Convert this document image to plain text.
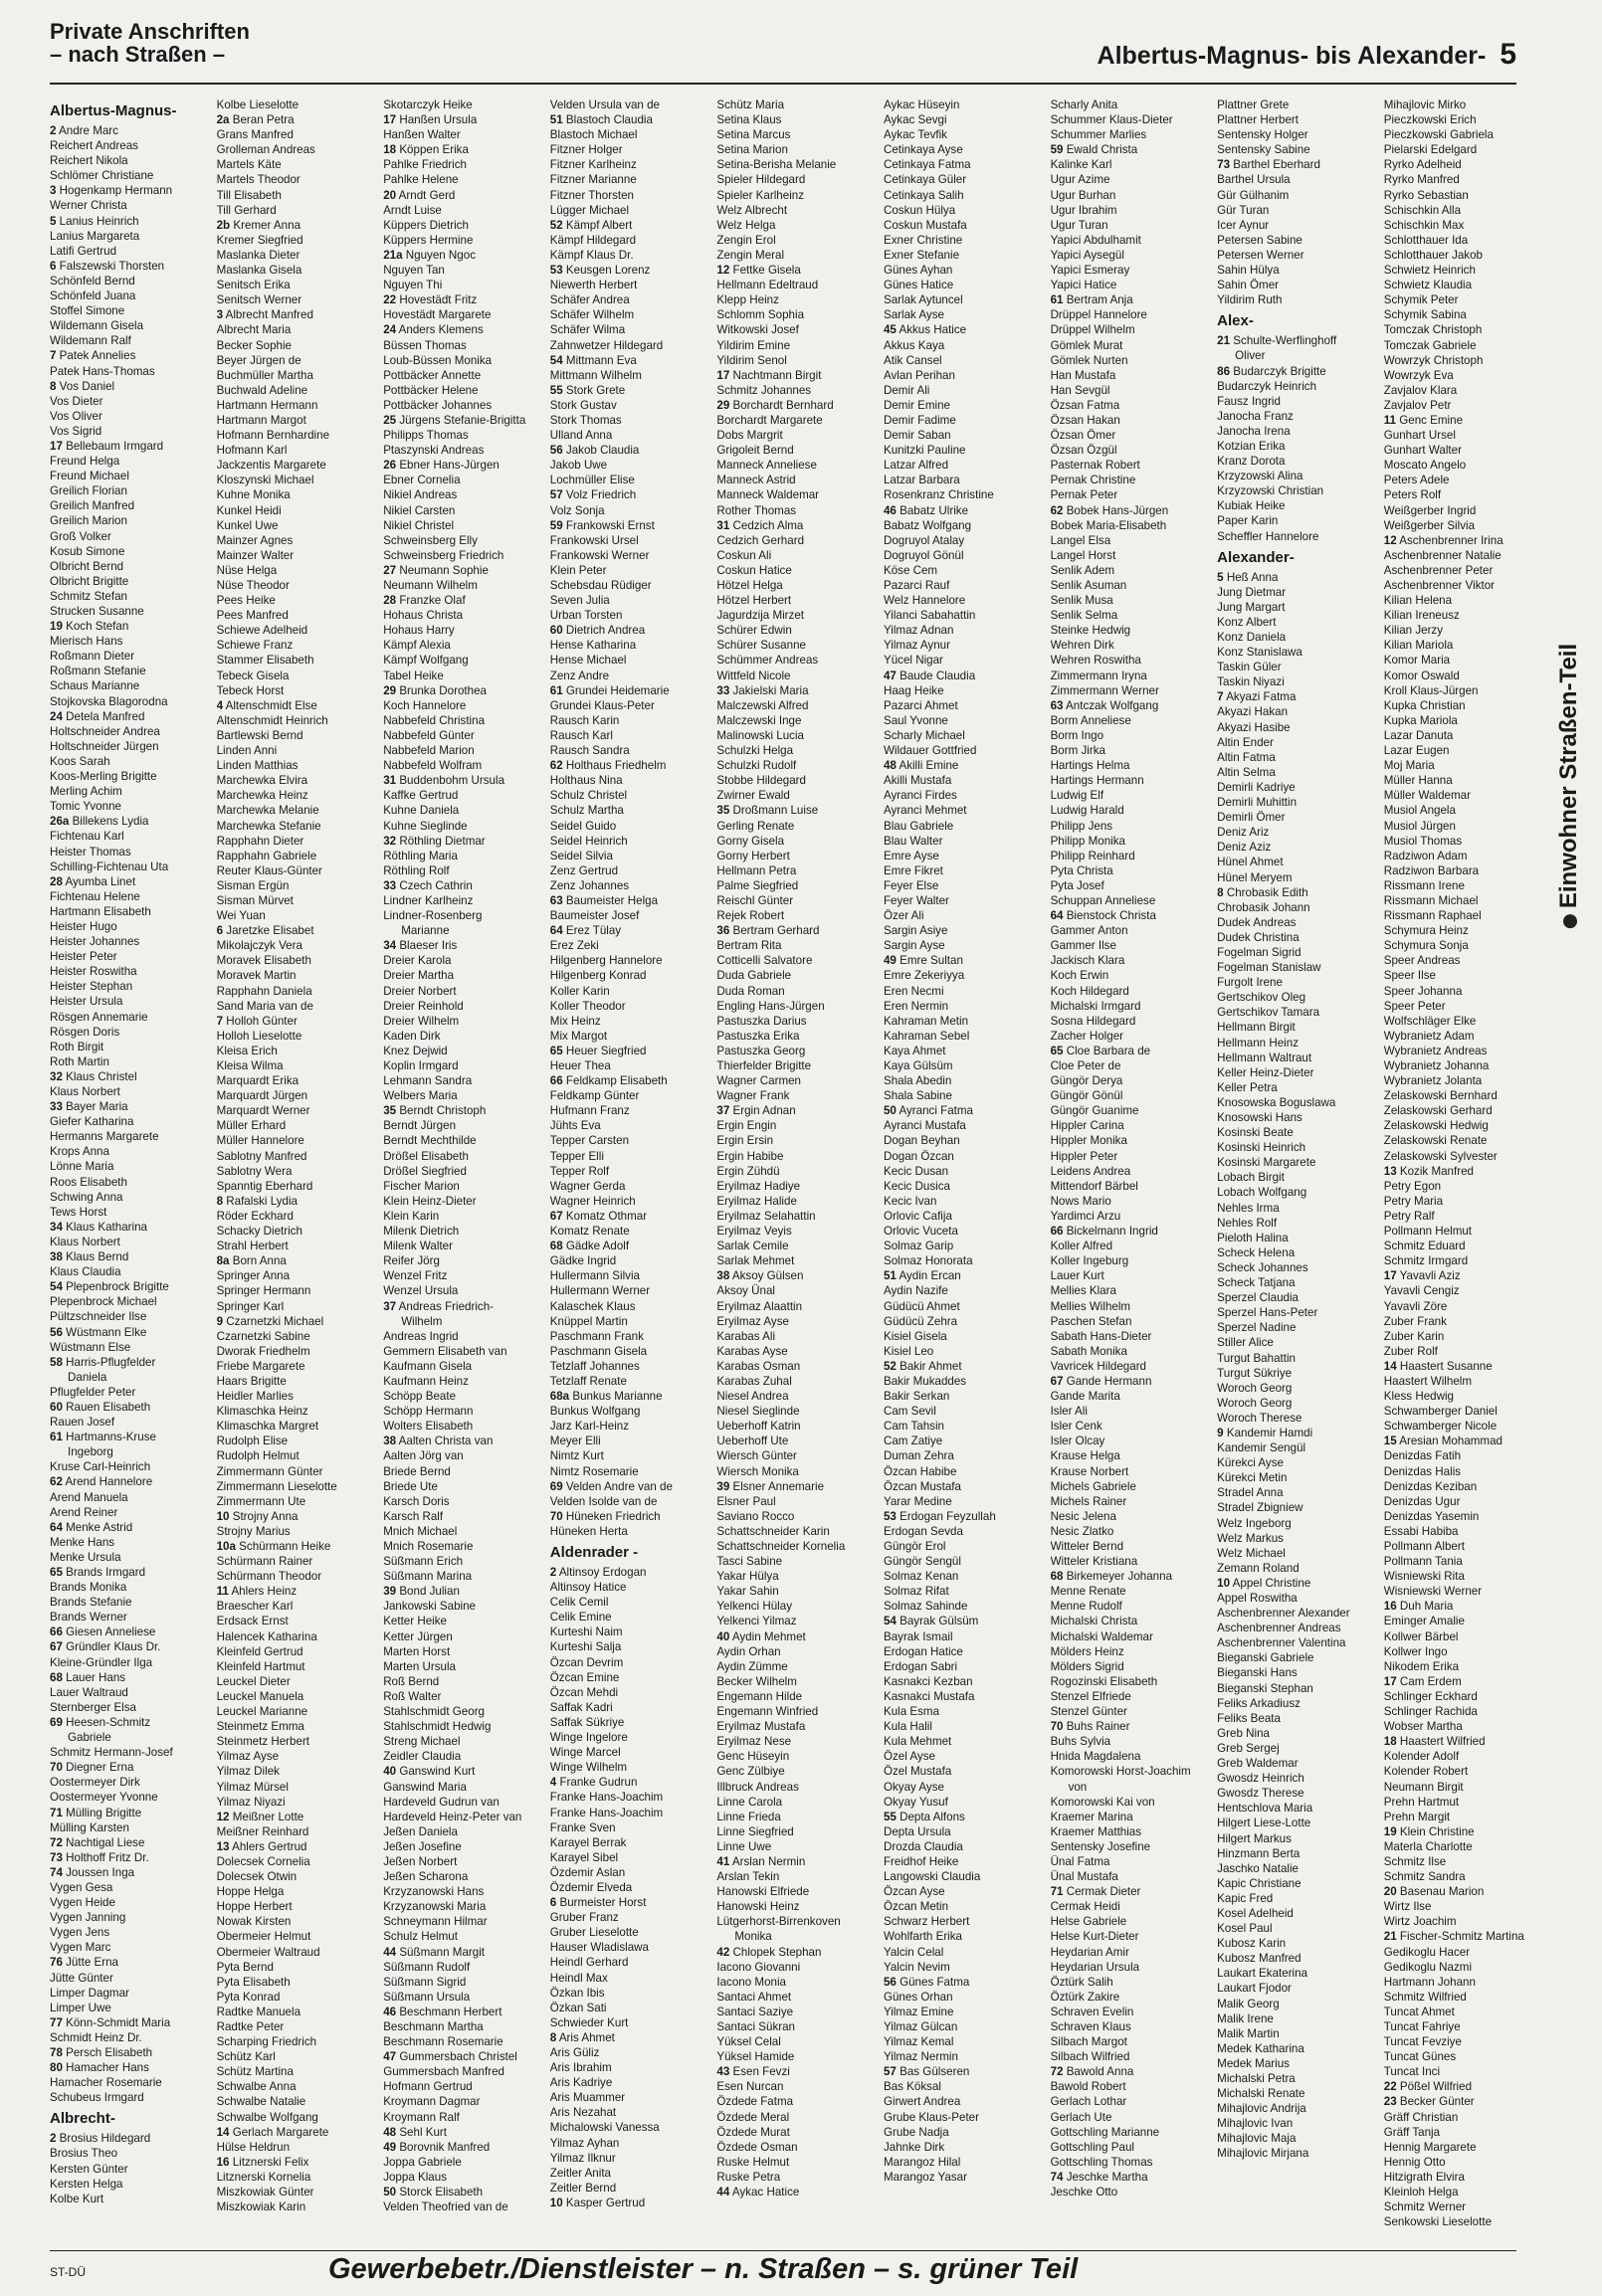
Private Anschriften
– nach Straßen –	Albertus-Magnus- bis Alexander- 5
Albertus-Magnus-
2 Andre Marc
Reichert Andreas
Reichert Nikola
Schlömer Christiane
3 Hogenkamp Hermann
Werner Christa
5 Lanius Heinrich
Lanius Margareta
Latifi Gertrud
6 Falszewski Thorsten
Schönfeld Bernd
Schönfeld Juana
Stoffel Simone
Wildemann Gisela
Wildemann Ralf
7 Patek Annelies
Patek Hans-Thomas
8 Vos Daniel
Vos Dieter
Vos Oliver
Vos Sigrid
17 Bellebaum Irmgard
Freund Helga
Freund Michael
Greilich Florian
Greilich Manfred
Greilich Marion
Groß Volker
Kosub Simone
Olbricht Bernd
Olbricht Brigitte
Schmitz Stefan
Strucken Susanne
19 Koch Stefan
Mierisch Hans
Roßmann Dieter
Roßmann Stefanie
Schaus Marianne
Stojkovska Blagorodna
24 Detela Manfred
Holtschneider Andrea
Holtschneider Jürgen
Koos Sarah
Koos-Merling Brigitte
Merling Achim
Tomic Yvonne
26a Billekens Lydia
Fichtenau Karl
Heister Thomas
Schilling-Fichtenau Uta
28 Ayumba Linet
Fichtenau Helene
Hartmann Elisabeth
Heister Hugo
Heister Johannes
Heister Peter
Heister Roswitha
Heister Stephan
Heister Ursula
Rösgen Annemarie
Rösgen Doris
Roth Birgit
Roth Martin
32 Klaus Christel
Klaus Norbert
33 Bayer Maria
Giefer Katharina
Hermanns Margarete
Krops Anna
Lönne Maria
Roos Elisabeth
Schwing Anna
Tews Horst
34 Klaus Katharina
Klaus Norbert
38 Klaus Bernd
Klaus Claudia
54 Plepenbrock Brigitte
Plepenbrock Michael
Pültzschneider Ilse
56 Wüstmann Elke
Wüstmann Else
58 Harris-Pflugfelder
Daniela
Pflugfelder Peter
60 Rauen Elisabeth
Rauen Josef
61 Hartmanns-Kruse
Ingeborg
Kruse Carl-Heinrich
62 Arend Hannelore
Arend Manuela
Arend Reiner
64 Menke Astrid
Menke Hans
Menke Ursula
65 Brands Irmgard
Brands Monika
Brands Stefanie
Brands Werner
66 Giesen Anneliese
67 Gründler Klaus Dr.
Kleine-Gründler Ilga
68 Lauer Hans
Lauer Waltraud
Sternberger Elsa
69 Heesen-Schmitz
Gabriele
Schmitz Hermann-Josef
70 Diegner Erna
Oostermeyer Dirk
Oostermeyer Yvonne
71 Mülling Brigitte
Mülling Karsten
72 Nachtigal Liese
73 Holthoff Fritz Dr.
74 Joussen Inga
Vygen Gesa
Vygen Heide
Vygen Janning
Vygen Jens
Vygen Marc
76 Jütte Erna
Jütte Günter
Limper Dagmar
Limper Uwe
77 Könn-Schmidt Maria
Schmidt Heinz Dr.
78 Persch Elisabeth
80 Hamacher Hans
Hamacher Rosemarie
Schubeus Irmgard
Albrecht-
2 Brosius Hildegard
Brosius Theo
Kersten Günter
Kersten Helga
Kolbe Kurt
Kolbe Lieselotte
2a Beran Petra
Grans Manfred
Grolleman Andreas
Martels Käte
Martels Theodor
Till Elisabeth
Till Gerhard
2b Kremer Anna
Kremer Siegfried
Maslanka Dieter
Maslanka Gisela
Senitsch Erika
Senitsch Werner
3 Albrecht Manfred
Albrecht Maria
Becker Sophie
Beyer Jürgen de
Buchmüller Martha
Buchwald Adeline
Hartmann Hermann
Hartmann Margot
Hofmann Bernhardine
Hofmann Karl
Jackzentis Margarete
Kloszynski Michael
Kuhne Monika
Kunkel Heidi
Kunkel Uwe
Mainzer Agnes
Mainzer Walter
Nüse Helga
Nüse Theodor
Pees Heike
Pees Manfred
Schiewe Adelheid
Schiewe Franz
Stammer Elisabeth
Tebeck Gisela
Tebeck Horst
4 Altenschmidt Else
Altenschmidt Heinrich
Bartlewski Bernd
Linden Anni
Linden Matthias
Marchewka Elvira
Marchewka Heinz
Marchewka Melanie
Marchewka Stefanie
Rapphahn Dieter
Rapphahn Gabriele
Reuter Klaus-Günter
Sisman Ergün
Sisman Mürvet
Wei Yuan
6 Jaretzke Elisabet
Mikolajczyk Vera
Moravek Elisabeth
Moravek Martin
Rapphahn Daniela
Sand Maria van de
7 Holloh Günter
Holloh Lieselotte
Kleisa Erich
Kleisa Wilma
Marquardt Erika
Marquardt Jürgen
Marquardt Werner
Müller Erhard
Müller Hannelore
Sablotny Manfred
Sablotny Wera
Spanntig Eberhard
8 Rafalski Lydia
Röder Eckhard
Schacky Dietrich
Strahl Herbert
8a Born Anna
Springer Anna
Springer Hermann
Springer Karl
9 Czarnetzki Michael
Czarnetzki Sabine
Dworak Friedhelm
Friebe Margarete
Haars Brigitte
Heidler Marlies
Klimaschka Heinz
Klimaschka Margret
Rudolph Elise
Rudolph Helmut
Zimmermann Günter
Zimmermann Lieselotte
Zimmermann Ute
10 Strojny Anna
Strojny Marius
10a Schürmann Heike
Schürmann Rainer
Schürmann Theodor
11 Ahlers Heinz
Braescher Karl
Erdsack Ernst
Halencek Katharina
Kleinfeld Gertrud
Kleinfeld Hartmut
Leuckel Dieter
Leuckel Manuela
Leuckel Marianne
Steinmetz Emma
Steinmetz Herbert
Yilmaz Ayse
Yilmaz Dilek
Yilmaz Mürsel
Yilmaz Niyazi
12 Meißner Lotte
Meißner Reinhard
13 Ahlers Gertrud
Dolecsek Cornelia
Dolecsek Otwin
Hoppe Helga
Hoppe Herbert
Nowak Kirsten
Obermeier Helmut
Obermeier Waltraud
Pyta Bernd
Pyta Elisabeth
Pyta Konrad
Radtke Manuela
Radtke Peter
Scharping Friedrich
Schütz Karl
Schütz Martina
Schwalbe Anna
Schwalbe Natalie
Schwalbe Wolfgang
14 Gerlach Margarete
Hülse Heldrun
16 Litznerski Felix
Litznerski Kornelia
Miszkowiak Günter
Miszkowiak Karin
Skotarczyk Heike
17 Hanßen Ursula
Hanßen Walter
18 Köppen Erika
Pahlke Friedrich
Pahlke Helene
20 Arndt Gerd
Arndt Luise
Küppers Dietrich
Küppers Hermine
21a Nguyen Ngoc
Nguyen Tan
Nguyen Thi
22 Hovestädt Fritz
Hovestädt Margarete
24 Anders Klemens
Büssen Thomas
Loub-Büssen Monika
Pottbäcker Annette
Pottbäcker Helene
Pottbäcker Johannes
25 Jürgens Stefanie-Brigitta
Philipps Thomas
Ptaszynski Andreas
26 Ebner Hans-Jürgen
Ebner Cornelia
Nikiel Andreas
Nikiel Carsten
Nikiel Christel
Schweinsberg Elly
Schweinsberg Friedrich
27 Neumann Sophie
Neumann Wilhelm
28 Franzke Olaf
Hohaus Christa
Hohaus Harry
Kämpf Alexia
Kämpf Wolfgang
Tabel Heike
29 Brunka Dorothea
Koch Hannelore
Nabbefeld Christina
Nabbefeld Günter
Nabbefeld Marion
Nabbefeld Wolfram
31 Buddenbohm Ursula
Kaffke Gertrud
Kuhne Daniela
Kuhne Sieglinde
32 Röthling Dietmar
Röthling Maria
Röthling Rolf
33 Czech Cathrin
Lindner Karlheinz
Lindner-Rosenberg
Marianne
34 Blaeser Iris
Dreier Karola
Dreier Martha
Dreier Norbert
Dreier Reinhold
Dreier Wilhelm
Kaden Dirk
Knez Dejwid
Koplin Irmgard
Lehmann Sandra
Welbers Maria
35 Berndt Christoph
Berndt Jürgen
Berndt Mechthilde
Drößel Elisabeth
Drößel Siegfried
Fischer Marion
Klein Heinz-Dieter
Klein Karin
Milenk Dietrich
Milenk Walter
Reifer Jörg
Wenzel Fritz
Wenzel Ursula
37 Andreas Friedrich-
Wilhelm
Andreas Ingrid
Gemmern Elisabeth van
Kaufmann Gisela
Kaufmann Heinz
Schöpp Beate
Schöpp Hermann
Wolters Elisabeth
38 Aalten Christa van
Aalten Jörg van
Briede Bernd
Briede Ute
Karsch Doris
Karsch Ralf
Mnich Michael
Mnich Rosemarie
Süßmann Erich
Süßmann Marina
39 Bond Julian
Jankowski Sabine
Ketter Heike
Ketter Jürgen
Marten Horst
Marten Ursula
Roß Bernd
Roß Walter
Stahlschmidt Georg
Stahlschmidt Hedwig
Streng Michael
Zeidler Claudia
40 Ganswind Kurt
Ganswind Maria
Hardeveld Gudrun van
Hardeveld Heinz-Peter van
Jeßen Daniela
Jeßen Josefine
Jeßen Norbert
Jeßen Scharona
Krzyzanowski Hans
Krzyzanowski Maria
Schneymann Hilmar
Schulz Helmut
44 Süßmann Margit
Süßmann Rudolf
Süßmann Sigrid
Süßmann Ursula
46 Beschmann Herbert
Beschmann Martha
Beschmann Rosemarie
47 Gummersbach Christel
Gummersbach Manfred
Hofmann Gertrud
Kroymann Dagmar
Kroymann Ralf
48 Sehl Kurt
49 Borovnik Manfred
Joppa Gabriele
Joppa Klaus
50 Storck Elisabeth
Velden Theofried van de
Velden Ursula van de
51 Blastoch Claudia
Blastoch Michael
Fitzner Holger
Fitzner Karlheinz
Fitzner Marianne
Fitzner Thorsten
Lügger Michael
52 Kämpf Albert
Kämpf Hildegard
Kämpf Klaus Dr.
53 Keusgen Lorenz
Niewerth Herbert
Schäfer Andrea
Schäfer Wilhelm
Schäfer Wilma
Zahnwetzer Hildegard
54 Mittmann Eva
Mittmann Wilhelm
55 Stork Grete
Stork Gustav
Stork Thomas
Ulland Anna
56 Jakob Claudia
Jakob Uwe
Lochmüller Elise
57 Volz Friedrich
Volz Sonja
59 Frankowski Ernst
Frankowski Ursel
Frankowski Werner
Klein Peter
Schebsdau Rüdiger
Seven Julia
Urban Torsten
60 Dietrich Andrea
Hense Katharina
Hense Michael
Zenz Andre
61 Grundei Heidemarie
Grundei Klaus-Peter
Rausch Karin
Rausch Karl
Rausch Sandra
62 Holthaus Friedhelm
Holthaus Nina
Schulz Christel
Schulz Martha
Seidel Guido
Seidel Heinrich
Seidel Silvia
Zenz Gertrud
Zenz Johannes
63 Baumeister Helga
Baumeister Josef
64 Erez Tülay
Erez Zeki
Hilgenberg Hannelore
Hilgenberg Konrad
Koller Karin
Koller Theodor
Mix Heinz
Mix Margot
65 Heuer Siegfried
Heuer Thea
66 Feldkamp Elisabeth
Feldkamp Günter
Hufmann Franz
Jühts Eva
Tepper Carsten
Tepper Elli
Tepper Rolf
Wagner Gerda
Wagner Heinrich
67 Komatz Othmar
Komatz Renate
68 Gädke Adolf
Gädke Ingrid
Hullermann Silvia
Hullermann Werner
Kalaschek Klaus
Knüppel Martin
Paschmann Frank
Paschmann Gisela
Tetzlaff Johannes
Tetzlaff Renate
68a Bunkus Marianne
Bunkus Wolfgang
Jarz Karl-Heinz
Meyer Elli
Nimtz Kurt
Nimtz Rosemarie
69 Velden Andre van de
Velden Isolde van de
70 Hüneken Friedrich
Hüneken Herta
Aldenrader -
2 Altinsoy Erdogan
Altinsoy Hatice
Celik Cemil
Celik Emine
Kurteshi Naim
Kurteshi Salja
Özcan Devrim
Özcan Emine
Özcan Mehdi
Saffak Kadri
Saffak Sükriye
Winge Ingelore
Winge Marcel
Winge Wilhelm
4 Franke Gudrun
Franke Hans-Joachim
Franke Hans-Joachim
Franke Sven
Karayel Berrak
Karayel Sibel
Özdemir Aslan
Özdemir Elveda
6 Burmeister Horst
Gruber Franz
Gruber Lieselotte
Hauser Wladislawa
Heindl Gerhard
Heindl Max
Özkan Ibis
Özkan Sati
Schwieder Kurt
8 Aris Ahmet
Aris Güliz
Aris Ibrahim
Aris Kadriye
Aris Muammer
Aris Nezahat
Michalowski Vanessa
Yilmaz Ayhan
Yilmaz Ilknur
Zeitler Anita
Zeitler Bernd
10 Kasper Gertrud
Schütz Maria
Setina Klaus
Setina Marcus
Setina Marion
Setina-Berisha Melanie
Spieler Hildegard
Spieler Karlheinz
Welz Albrecht
Welz Helga
Zengin Erol
Zengin Meral
12 Fettke Gisela
Hellmann Edeltraud
Klepp Heinz
Schlomm Sophia
Witkowski Josef
Yildirim Emine
Yildirim Senol
17 Nachtmann Birgit
Schmitz Johannes
29 Borchardt Bernhard
Borchardt Margarete
Dobs Margrit
Grigoleit Bernd
Manneck Anneliese
Manneck Astrid
Manneck Waldemar
Rother Thomas
31 Cedzich Alma
Cedzich Gerhard
Coskun Ali
Coskun Hatice
Hötzel Helga
Hötzel Herbert
Jagurdzija Mirzet
Schürer Edwin
Schürer Susanne
Schümmer Andreas
Wittfeld Nicole
33 Jakielski Maria
Malczewski Alfred
Malczewski Inge
Malinowski Lucia
Schulzki Helga
Schulzki Rudolf
Stobbe Hildegard
Zwirner Ewald
35 Droßmann Luise
Gerling Renate
Gorny Gisela
Gorny Herbert
Hellmann Petra
Palme Siegfried
Reischl Günter
Rejek Robert
36 Bertram Gerhard
Bertram Rita
Cotticelli Salvatore
Duda Gabriele
Duda Roman
Engling Hans-Jürgen
Pastuszka Darius
Pastuszka Erika
Pastuszka Georg
Thierfelder Brigitte
Wagner Carmen
Wagner Frank
37 Ergin Adnan
Ergin Engin
Ergin Ersin
Ergin Habibe
Ergin Zühdü
Eryilmaz Hadiye
Eryilmaz Halide
Eryilmaz Selahattin
Eryilmaz Veyis
Sarlak Cemile
Sarlak Mehmet
38 Aksoy Gülsen
Aksoy Ünal
Eryilmaz Alaattin
Eryilmaz Ayse
Karabas Ali
Karabas Ayse
Karabas Osman
Karabas Zuhal
Niesel Andrea
Niesel Sieglinde
Ueberhoff Katrin
Ueberhoff Ute
Wiersch Günter
Wiersch Monika
39 Elsner Annemarie
Elsner Paul
Saviano Rocco
Schattschneider Karin
Schattschneider Kornelia
Tasci Sabine
Yakar Hülya
Yakar Sahin
Yelkenci Hülay
Yelkenci Yilmaz
40 Aydin Mehmet
Aydin Orhan
Aydin Zümme
Becker Wilhelm
Engemann Hilde
Engemann Winfried
Eryilmaz Mustafa
Eryilmaz Nese
Genc Hüseyin
Genc Zülbiye
Illbruck Andreas
Linne Carola
Linne Frieda
Linne Siegfried
Linne Uwe
41 Arslan Nermin
Arslan Tekin
Hanowski Elfriede
Hanowski Heinz
Lütgerhorst-Birrenkoven
Monika
42 Chlopek Stephan
Iacono Giovanni
Iacono Monia
Santaci Ahmet
Santaci Saziye
Santaci Sükran
Yüksel Celal
Yüksel Hamide
43 Esen Fevzi
Esen Nurcan
Özdede Fatma
Özdede Meral
Özdede Murat
Özdede Osman
Ruske Helmut
Ruske Petra
44 Aykac Hatice
Aykac Hüseyin
Aykac Sevgi
Aykac Tevfik
Cetinkaya Ayse
Cetinkaya Fatma
Cetinkaya Güler
Cetinkaya Salih
Coskun Hülya
Coskun Mustafa
Exner Christine
Exner Stefanie
Günes Ayhan
Günes Hatice
Sarlak Aytuncel
Sarlak Ayse
45 Akkus Hatice
Akkus Kaya
Atik Cansel
Avlan Perihan
Demir Ali
Demir Emine
Demir Fadime
Demir Saban
Kunitzki Pauline
Latzar Alfred
Latzar Barbara
Rosenkranz Christine
46 Babatz Ulrike
Babatz Wolfgang
Dogruyol Atalay
Dogruyol Gönül
Köse Cem
Pazarci Rauf
Welz Hannelore
Yilanci Sabahattin
Yilmaz Adnan
Yilmaz Aynur
Yücel Nigar
47 Baude Claudia
Haag Heike
Pazarci Ahmet
Saul Yvonne
Scharly Michael
Wildauer Gottfried
48 Akilli Emine
Akilli Mustafa
Ayranci Firdes
Ayranci Mehmet
Blau Gabriele
Blau Walter
Emre Ayse
Emre Fikret
Feyer Else
Feyer Walter
Özer Ali
Sargin Asiye
Sargin Ayse
49 Emre Sultan
Emre Zekeriyya
Eren Necmi
Eren Nermin
Kahraman Metin
Kahraman Sebel
Kaya Ahmet
Kaya Gülsüm
Shala Abedin
Shala Sabine
50 Ayranci Fatma
Ayranci Mustafa
Dogan Beyhan
Dogan Özcan
Kecic Dusan
Kecic Dusica
Kecic Ivan
Orlovic Cafija
Orlovic Vuceta
Solmaz Garip
Solmaz Honorata
51 Aydin Ercan
Aydin Nazife
Güdücü Ahmet
Güdücü Zehra
Kisiel Gisela
Kisiel Leo
52 Bakir Ahmet
Bakir Mukaddes
Bakir Serkan
Cam Sevil
Cam Tahsin
Cam Zatiye
Duman Zehra
Özcan Habibe
Özcan Mustafa
Yarar Medine
53 Erdogan Feyzullah
Erdogan Sevda
Güngör Erol
Güngör Sengül
Solmaz Kenan
Solmaz Rifat
Solmaz Sahinde
54 Bayrak Gülsüm
Bayrak Ismail
Erdogan Hatice
Erdogan Sabri
Kasnakci Kezban
Kasnakci Mustafa
Kula Esma
Kula Halil
Kula Mehmet
Özel Ayse
Özel Mustafa
Okyay Ayse
Okyay Yusuf
55 Depta Alfons
Depta Ursula
Drozda Claudia
Freidhof Heike
Langowski Claudia
Özcan Ayse
Özcan Metin
Schwarz Herbert
Wohlfarth Erika
Yalcin Celal
Yalcin Nevim
56 Günes Fatma
Günes Orhan
Yilmaz Emine
Yilmaz Gülcan
Yilmaz Kemal
Yilmaz Nermin
57 Bas Gülseren
Bas Köksal
Girwert Andrea
Grube Klaus-Peter
Grube Nadja
Jahnke Dirk
Marangoz Hilal
Marangoz Yasar
Scharly Anita
Schummer Klaus-Dieter
Schummer Marlies
59 Ewald Christa
Kalinke Karl
Ugur Azime
Ugur Burhan
Ugur Ibrahim
Ugur Turan
Yapici Abdulhamit
Yapici Aysegül
Yapici Esmeray
Yapici Hatice
61 Bertram Anja
Drüppel Hannelore
Drüppel Wilhelm
Gömlek Murat
Gömlek Nurten
Han Mustafa
Han Sevgül
Özsan Fatma
Özsan Hakan
Özsan Ömer
Özsan Özgül
Pasternak Robert
Pernak Christine
Pernak Peter
62 Bobek Hans-Jürgen
Bobek Maria-Elisabeth
Langel Elsa
Langel Horst
Senlik Adem
Senlik Asuman
Senlik Musa
Senlik Selma
Steinke Hedwig
Wehren Dirk
Wehren Roswitha
Zimmermann Iryna
Zimmermann Werner
63 Antczak Wolfgang
Borm Anneliese
Borm Ingo
Borm Jirka
Hartings Helma
Hartings Hermann
Ludwig Elf
Ludwig Harald
Philipp Jens
Philipp Monika
Philipp Reinhard
Pyta Christa
Pyta Josef
Schuppan Anneliese
64 Bienstock Christa
Gammer Anton
Gammer Ilse
Jackisch Klara
Koch Erwin
Koch Hildegard
Michalski Irmgard
Sosna Hildegard
Zacher Holger
65 Cloe Barbara de
Cloe Peter de
Güngör Derya
Güngör Gönül
Güngör Guanime
Hippler Carina
Hippler Monika
Hippler Peter
Leidens Andrea
Mittendorf Bärbel
Nows Mario
Yardimci Arzu
66 Bickelmann Ingrid
Koller Alfred
Koller Ingeburg
Lauer Kurt
Mellies Klara
Mellies Wilhelm
Paschen Stefan
Sabath Hans-Dieter
Sabath Monika
Vavricek Hildegard
67 Gande Hermann
Gande Marita
Isler Ali
Isler Cenk
Isler Olcay
Krause Helga
Krause Norbert
Michels Gabriele
Michels Rainer
Nesic Jelena
Nesic Zlatko
Witteler Bernd
Witteler Kristiana
68 Birkemeyer Johanna
Menne Renate
Menne Rudolf
Michalski Christa
Michalski Waldemar
Mölders Heinz
Mölders Sigrid
Rogozinski Elisabeth
Stenzel Elfriede
Stenzel Günter
70 Buhs Rainer
Buhs Sylvia
Hnida Magdalena
Komorowski Horst-Joachim
von
Komorowski Kai von
Kraemer Marina
Kraemer Matthias
Sentensky Josefine
Ünal Fatma
Ünal Mustafa
71 Cermak Dieter
Cermak Heidi
Helse Gabriele
Helse Kurt-Dieter
Heydarian Amir
Heydarian Ursula
Öztürk Salih
Öztürk Zakire
Schraven Evelin
Schraven Klaus
Silbach Margot
Silbach Wilfried
72 Bawold Anna
Bawold Robert
Gerlach Lothar
Gerlach Ute
Gottschling Marianne
Gottschling Paul
Gottschling Thomas
74 Jeschke Martha
Jeschke Otto
Plattner Grete
Plattner Herbert
Sentensky Holger
Sentensky Sabine
73 Barthel Eberhard
Barthel Ursula
Gür Gülhanim
Gür Turan
Icer Aynur
Petersen Sabine
Petersen Werner
Sahin Hülya
Sahin Ömer
Yildirim Ruth
Alex-
21 Schulte-Werflinghoff
Oliver
86 Budarczyk Brigitte
Budarczyk Heinrich
Fausz Ingrid
Janocha Franz
Janocha Irena
Kotzian Erika
Kranz Dorota
Krzyzowski Alina
Krzyzowski Christian
Kubiak Heike
Paper Karin
Scheffler Hannelore
Alexander-
5 Heß Anna
Jung Dietmar
Jung Margart
Konz Albert
Konz Daniela
Konz Stanislawa
Taskin Güler
Taskin Niyazi
7 Akyazi Fatma
Akyazi Hakan
Akyazi Hasibe
Altin Ender
Altin Fatma
Altin Selma
Demirli Kadriye
Demirli Muhittin
Demirli Ömer
Deniz Ariz
Deniz Aziz
Hünel Ahmet
Hünel Meryem
8 Chrobasik Edith
Chrobasik Johann
Dudek Andreas
Dudek Christina
Fogelman Sigrid
Fogelman Stanislaw
Furgolt Irene
Gertschikov Oleg
Gertschikov Tamara
Hellmann Birgit
Hellmann Heinz
Hellmann Waltraut
Keller Heinz-Dieter
Keller Petra
Knosowska Boguslawa
Knosowski Hans
Kosinski Beate
Kosinski Heinrich
Kosinski Margarete
Lobach Birgit
Lobach Wolfgang
Nehles Irma
Nehles Rolf
Pieloth Halina
Scheck Helena
Scheck Johannes
Scheck Tatjana
Sperzel Claudia
Sperzel Hans-Peter
Sperzel Nadine
Stiller Alice
Turgut Bahattin
Turgut Sükriye
Woroch Georg
Woroch Georg
Woroch Therese
9 Kandemir Hamdi
Kandemir Sengül
Kürekci Ayse
Kürekci Metin
Stradel Anna
Stradel Zbigniew
Welz Ingeborg
Welz Markus
Welz Michael
Zemann Roland
10 Appel Christine
Appel Roswitha
Aschenbrenner Alexander
Aschenbrenner Andreas
Aschenbrenner Valentina
Bieganski Gabriele
Bieganski Hans
Bieganski Stephan
Feliks Arkadiusz
Feliks Beata
Greb Nina
Greb Sergej
Greb Waldemar
Gwosdz Heinrich
Gwosdz Therese
Hentschlova Maria
Hilgert Liese-Lotte
Hilgert Markus
Hinzmann Berta
Jaschko Natalie
Kapic Christiane
Kapic Fred
Kosel Adelheid
Kosel Paul
Kubosz Karin
Kubosz Manfred
Laukart Ekaterina
Laukart Fjodor
Malik Georg
Malik Irene
Malik Martin
Medek Katharina
Medek Marius
Michalski Petra
Michalski Renate
Mihajlovic Andrija
Mihajlovic Ivan
Mihajlovic Maja
Mihajlovic Mirjana
Mihajlovic Mirko
Pieczkowski Erich
Pieczkowski Gabriela
Pielarski Edelgard
Ryrko Adelheid
Ryrko Manfred
Ryrko Sebastian
Schischkin Alla
Schischkin Max
Schlotthauer Ida
Schlotthauer Jakob
Schwietz Heinrich
Schwietz Klaudia
Schymik Peter
Schymik Sabina
Tomczak Christoph
Tomczak Gabriele
Wowrzyk Christoph
Wowrzyk Eva
Zavjalov Klara
Zavjalov Petr
11 Genc Emine
Gunhart Ursel
Gunhart Walter
Moscato Angelo
Peters Adele
Peters Rolf
Weißgerber Ingrid
Weißgerber Silvia
12 Aschenbrenner Irina
Aschenbrenner Natalie
Aschenbrenner Peter
Aschenbrenner Viktor
Kilian Helena
Kilian Ireneusz
Kilian Jerzy
Kilian Mariola
Komor Maria
Komor Oswald
Kroll Klaus-Jürgen
Kupka Christian
Kupka Mariola
Lazar Danuta
Lazar Eugen
Moj Maria
Müller Hanna
Müller Waldemar
Musiol Angela
Musiol Jürgen
Musiol Thomas
Radziwon Adam
Radziwon Barbara
Rissmann Irene
Rissmann Michael
Rissmann Raphael
Schymura Heinz
Schymura Sonja
Speer Andreas
Speer Ilse
Speer Johanna
Speer Peter
Wolfschläger Elke
Wybranietz Adam
Wybranietz Andreas
Wybranietz Johanna
Wybranietz Jolanta
Zelaskowski Bernhard
Zelaskowski Gerhard
Zelaskowski Hedwig
Zelaskowski Renate
Zelaskowski Sylvester
13 Kozik Manfred
Petry Egon
Petry Maria
Petry Ralf
Pollmann Helmut
Schmitz Eduard
Schmitz Irmgard
17 Yavavli Aziz
Yavavli Cengiz
Yavavli Zöre
Zuber Frank
Zuber Karin
Zuber Rolf
14 Haastert Susanne
Haastert Wilhelm
Kless Hedwig
Schwamberger Daniel
Schwamberger Nicole
15 Aresian Mohammad
Denizdas Fatih
Denizdas Halis
Denizdas Keziban
Denizdas Ugur
Denizdas Yasemin
Essabi Habiba
Pollmann Albert
Pollmann Tania
Wisniewski Rita
Wisniewski Werner
16 Duh Maria
Eminger Amalie
Kollwer Bärbel
Kollwer Ingo
Nikodem Erika
17 Cam Erdem
Schlinger Eckhard
Schlinger Rachida
Wobser Martha
18 Haastert Wilfried
Kolender Adolf
Kolender Robert
Neumann Birgit
Prehn Hartmut
Prehn Margit
19 Klein Christine
Materla Charlotte
Schmitz Ilse
Schmitz Sandra
20 Basenau Marion
Wirtz Ilse
Wirtz Joachim
21 Fischer-Schmitz Martina
Gedikoglu Hacer
Gedikoglu Nazmi
Hartmann Johann
Schmitz Wilfried
Tuncat Ahmet
Tuncat Fahriye
Tuncat Fevziye
Tuncat Günes
Tuncat Inci
22 Pößel Wilfried
23 Becker Günter
Gräff Christian
Gräff Tanja
Hennig Margarete
Hennig Otto
Hitzigrath Elvira
Kleinloh Helga
Schmitz Werner
Senkowski Lieselotte
Einwohner Straßen-Teil
ST-DÜ	Gewerbebetr./Dienstleister – n. Straßen – s. grüner Teil
